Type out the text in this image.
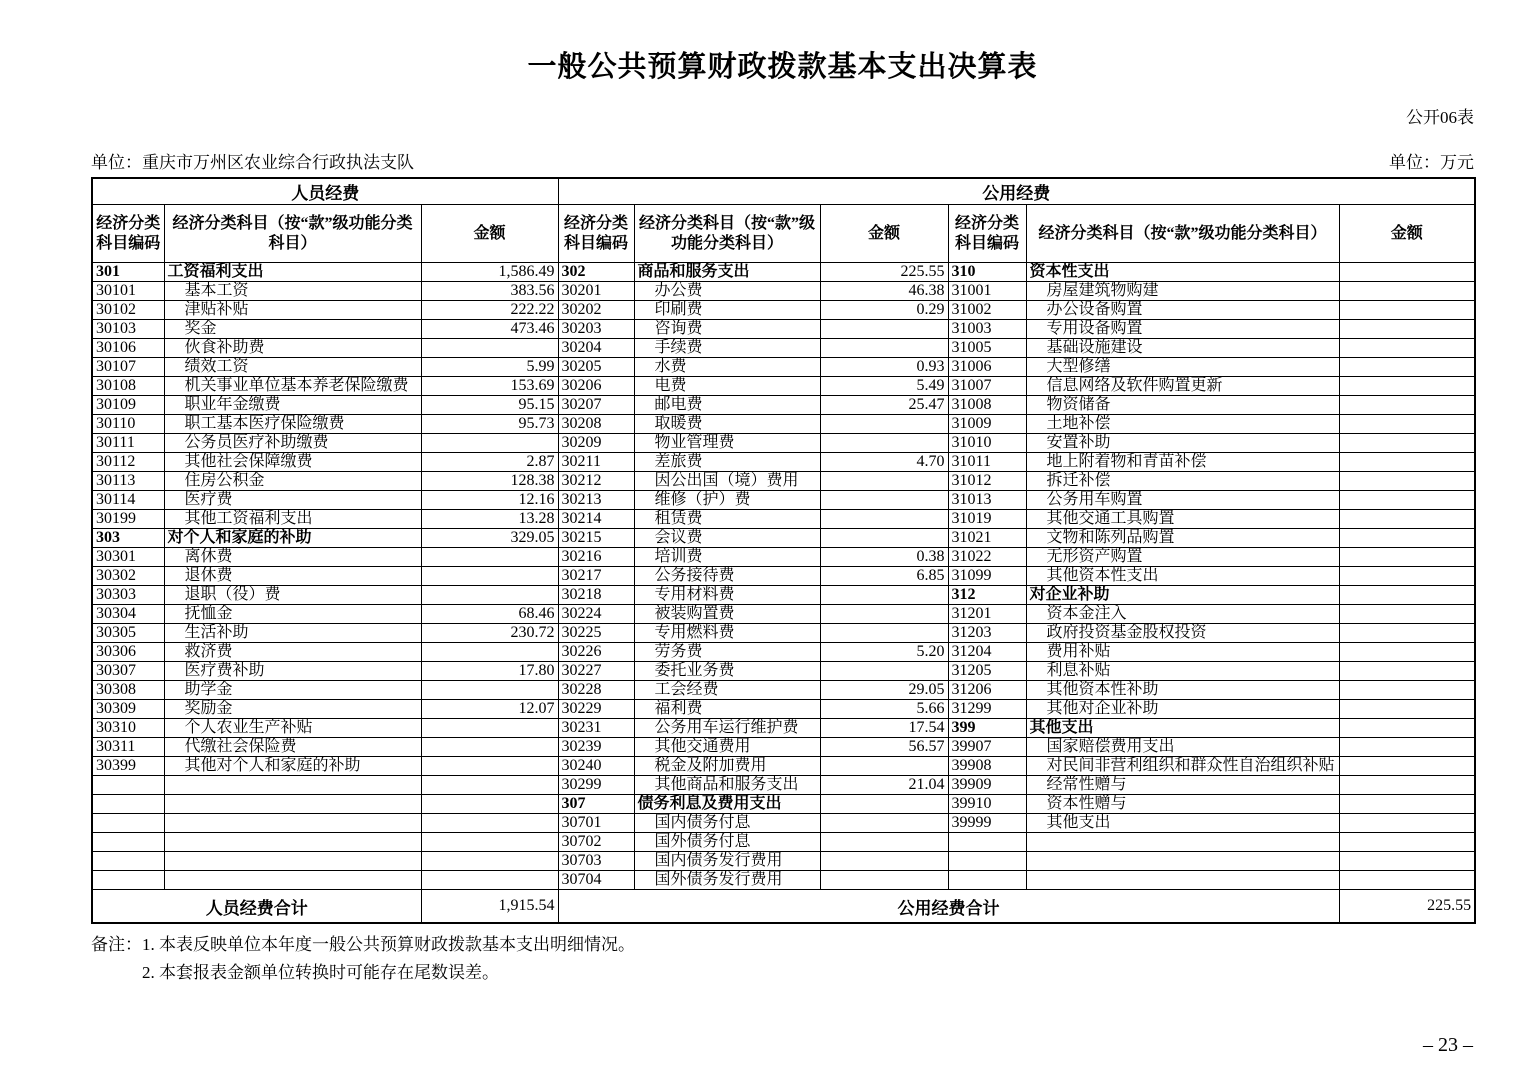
一般公共预算财政拨款基本支出决算表
公开06表
单位：重庆市万州区农业综合行政执法支队	单位：万元
人员经费			公用经费					
经济分类科目编码	经济分类科目（按“款”级功能分类科目）	金额	经济分类科目编码	经济分类科目（按“款”级功能分类科目）	金额	经济分类科目编码	经济分类科目（按“款”级功能分类科目）	金额
301	工资福利支出	1,586.49	302	商品和服务支出	225.55	310	资本性支出	
30101	基本工资	383.56	30201	办公费	46.38	31001	房屋建筑物购建	
30102	津贴补贴	222.22	30202	印刷费	0.29	31002	办公设备购置	
30103	奖金	473.46	30203	咨询费		31003	专用设备购置	
30106	伙食补助费		30204	手续费		31005	基础设施建设	
30107	绩效工资	5.99	30205	水费	0.93	31006	大型修缮	
30108	机关事业单位基本养老保险缴费	153.69	30206	电费	5.49	31007	信息网络及软件购置更新	
30109	职业年金缴费	95.15	30207	邮电费	25.47	31008	物资储备	
30110	职工基本医疗保险缴费	95.73	30208	取暖费		31009	土地补偿	
30111	公务员医疗补助缴费		30209	物业管理费		31010	安置补助	
30112	其他社会保障缴费	2.87	30211	差旅费	4.70	31011	地上附着物和青苗补偿	
30113	住房公积金	128.38	30212	因公出国（境）费用		31012	拆迁补偿	
30114	医疗费	12.16	30213	维修（护）费		31013	公务用车购置	
30199	其他工资福利支出	13.28	30214	租赁费		31019	其他交通工具购置	
303	对个人和家庭的补助	329.05	30215	会议费		31021	文物和陈列品购置	
30301	离休费		30216	培训费	0.38	31022	无形资产购置	
30302	退休费		30217	公务接待费	6.85	31099	其他资本性支出	
30303	退职（役）费		30218	专用材料费		312	对企业补助	
30304	抚恤金	68.46	30224	被装购置费		31201	资本金注入	
30305	生活补助	230.72	30225	专用燃料费		31203	政府投资基金股权投资	
30306	救济费		30226	劳务费	5.20	31204	费用补贴	
30307	医疗费补助	17.80	30227	委托业务费		31205	利息补贴	
30308	助学金		30228	工会经费	29.05	31206	其他资本性补助	
30309	奖励金	12.07	30229	福利费	5.66	31299	其他对企业补助	
30310	个人农业生产补贴		30231	公务用车运行维护费	17.54	399	其他支出	
30311	代缴社会保险费		30239	其他交通费用	56.57	39907	国家赔偿费用支出	
30399	其他对个人和家庭的补助		30240	税金及附加费用		39908	对民间非营利组织和群众性自治组织补贴	
			30299	其他商品和服务支出	21.04	39909	经常性赠与	
			307	债务利息及费用支出		39910	资本性赠与	
			30701	国内债务付息		39999	其他支出	
			30702	国外债务付息				
			30703	国内债务发行费用				
			30704	国外债务发行费用				
人员经费合计		1,915.54	公用经费合计					225.55
备注：1. 本表反映单位本年度一般公共预算财政拨款基本支出明细情况。
2. 本套报表金额单位转换时可能存在尾数误差。
– 23 –
